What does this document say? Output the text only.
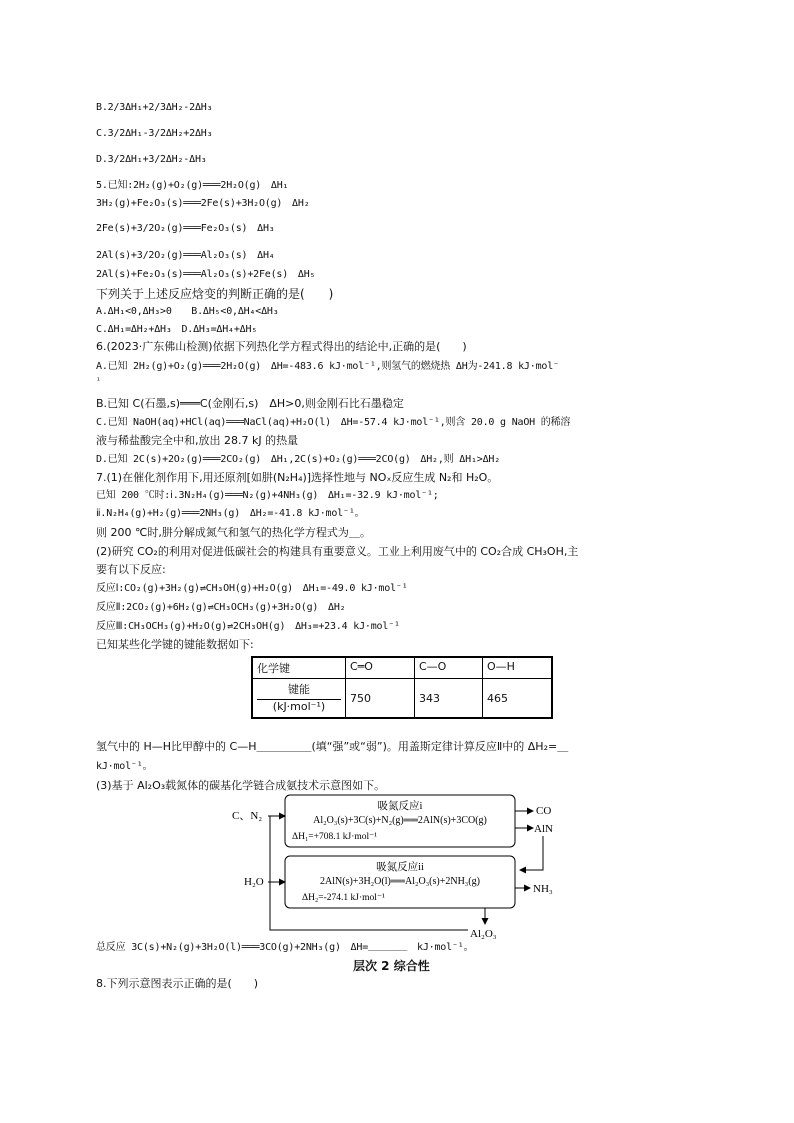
B.2/3ΔH₁+2/3ΔH₂-2ΔH₃
C.3/2ΔH₁-3/2ΔH₂+2ΔH₃
D.3/2ΔH₁+3/2ΔH₂-ΔH₃
5.已知:2H₂(g)+O₂(g)═══2H₂O(g)　ΔH₁
3H₂(g)+Fe₂O₃(s)═══2Fe(s)+3H₂O(g)　ΔH₂
2Fe(s)+3/2O₂(g)═══Fe₂O₃(s)　ΔH₃
2Al(s)+3/2O₂(g)═══Al₂O₃(s)　ΔH₄
2Al(s)+Fe₂O₃(s)═══Al₂O₃(s)+2Fe(s)　ΔH₅
下列关于上述反应焓变的判断正确的是(　　)
A.ΔH₁<0,ΔH₃>0　　B.ΔH₅<0,ΔH₄<ΔH₃
C.ΔH₁=ΔH₂+ΔH₃　D.ΔH₃=ΔH₄+ΔH₅
6.(2023·广东佛山检测)依据下列热化学方程式得出的结论中,正确的是(　　)
A.已知 2H₂(g)+O₂(g)═══2H₂O(g)　ΔH=-483.6 kJ·mol⁻¹,则氢气的燃烧热 ΔH为-241.8 kJ·mol⁻
¹
B.已知 C(石墨,s)═══C(金刚石,s)　ΔH>0,则金刚石比石墨稳定
C.已知 NaOH(aq)+HCl(aq)═══NaCl(aq)+H₂O(l)　ΔH=-57.4 kJ·mol⁻¹,则含 20.0 g NaOH 的稀溶
液与稀盐酸完全中和,放出 28.7 kJ 的热量
D.已知 2C(s)+2O₂(g)═══2CO₂(g)　ΔH₁,2C(s)+O₂(g)═══2CO(g)　ΔH₂,则 ΔH₁>ΔH₂
7.(1)在催化剂作用下,用还原剂[如肼(N₂H₄)]选择性地与 NOₓ反应生成 N₂和 H₂O。
已知 200 ℃时:ⅰ.3N₂H₄(g)═══N₂(g)+4NH₃(g)　ΔH₁=-32.9 kJ·mol⁻¹;
ⅱ.N₂H₄(g)+H₂(g)═══2NH₃(g)　ΔH₂=-41.8 kJ·mol⁻¹。
则 200 ℃时,肼分解成氮气和氢气的热化学方程式为＿。
(2)研究 CO₂的利用对促进低碳社会的构建具有重要意义。工业上利用废气中的 CO₂合成 CH₃OH,主
要有以下反应:
反应Ⅰ:CO₂(g)+3H₂(g)⇌CH₃OH(g)+H₂O(g)　ΔH₁=-49.0 kJ·mol⁻¹
反应Ⅱ:2CO₂(g)+6H₂(g)⇌CH₃OCH₃(g)+3H₂O(g)　ΔH₂
反应Ⅲ:CH₃OCH₃(g)+H₂O(g)⇌2CH₃OH(g)　ΔH₃=+23.4 kJ·mol⁻¹
已知某些化学键的键能数据如下:
化学键	C═O	C—O	O—H

键能
(kJ·mol⁻¹)	750	343	465
氢气中的 H—H比甲醇中的 C—H＿＿＿＿＿(填“强”或“弱”)。用盖斯定律计算反应Ⅱ中的 ΔH₂=＿
kJ·mol⁻¹。
(3)基于 Al₂O₃载氮体的碳基化学链合成氨技术示意图如下。
C、N₂
吸氮反应i
Al₂O₃(s)+3C(s)+N₂(g)══2AlN(s)+3CO(g)
ΔH₁=+708.1 kJ·mol⁻¹
CO
AlN
吸氮反应ii
2AlN(s)+3H₂O(l)══Al₂O₃(s)+2NH₃(g)
ΔH₂=-274.1 kJ·mol⁻¹
H₂O
NH₃
Al₂O₃
总反应 3C(s)+N₂(g)+3H₂O(l)═══3CO(g)+2NH₃(g)　ΔH=＿＿＿＿　kJ·mol⁻¹。
层次 2 综合性
8.下列示意图表示正确的是(　　)
